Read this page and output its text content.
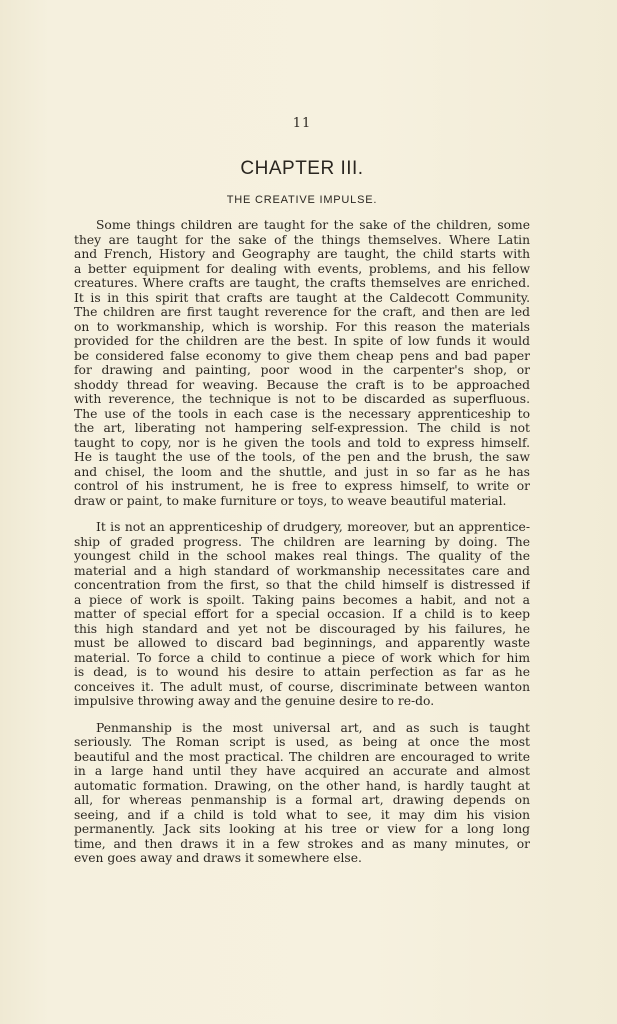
11
CHAPTER III.
THE CREATIVE IMPULSE.
Some things children are taught for the sake of the children, some
they are taught for the sake of the things themselves. Where Latin
and French, History and Geography are taught, the child starts with
a better equipment for dealing with events, problems, and his fellow
creatures. Where crafts are taught, the crafts themselves are enriched.
It is in this spirit that crafts are taught at the Caldecott Community.
The children are first taught reverence for the craft, and then are led
on to workmanship, which is worship. For this reason the materials
provided for the children are the best. In spite of low funds it would
be considered false economy to give them cheap pens and bad paper
for drawing and painting, poor wood in the carpenter's shop, or
shoddy thread for weaving. Because the craft is to be approached
with reverence, the technique is not to be discarded as superfluous.
The use of the tools in each case is the necessary apprenticeship to
the art, liberating not hampering self-expression. The child is not
taught to copy, nor is he given the tools and told to express himself.
He is taught the use of the tools, of the pen and the brush, the saw
and chisel, the loom and the shuttle, and just in so far as he has
control of his instrument, he is free to express himself, to write or
draw or paint, to make furniture or toys, to weave beautiful material.
It is not an apprenticeship of drudgery, moreover, but an apprentice-
ship of graded progress. The children are learning by doing. The
youngest child in the school makes real things. The quality of the
material and a high standard of workmanship necessitates care and
concentration from the first, so that the child himself is distressed if
a piece of work is spoilt. Taking pains becomes a habit, and not a
matter of special effort for a special occasion. If a child is to keep
this high standard and yet not be discouraged by his failures, he
must be allowed to discard bad beginnings, and apparently waste
material. To force a child to continue a piece of work which for him
is dead, is to wound his desire to attain perfection as far as he
conceives it. The adult must, of course, discriminate between wanton
impulsive throwing away and the genuine desire to re-do.
Penmanship is the most universal art, and as such is taught
seriously. The Roman script is used, as being at once the most
beautiful and the most practical. The children are encouraged to write
in a large hand until they have acquired an accurate and almost
automatic formation. Drawing, on the other hand, is hardly taught at
all, for whereas penmanship is a formal art, drawing depends on
seeing, and if a child is told what to see, it may dim his vision
permanently. Jack sits looking at his tree or view for a long long
time, and then draws it in a few strokes and as many minutes, or
even goes away and draws it somewhere else.
